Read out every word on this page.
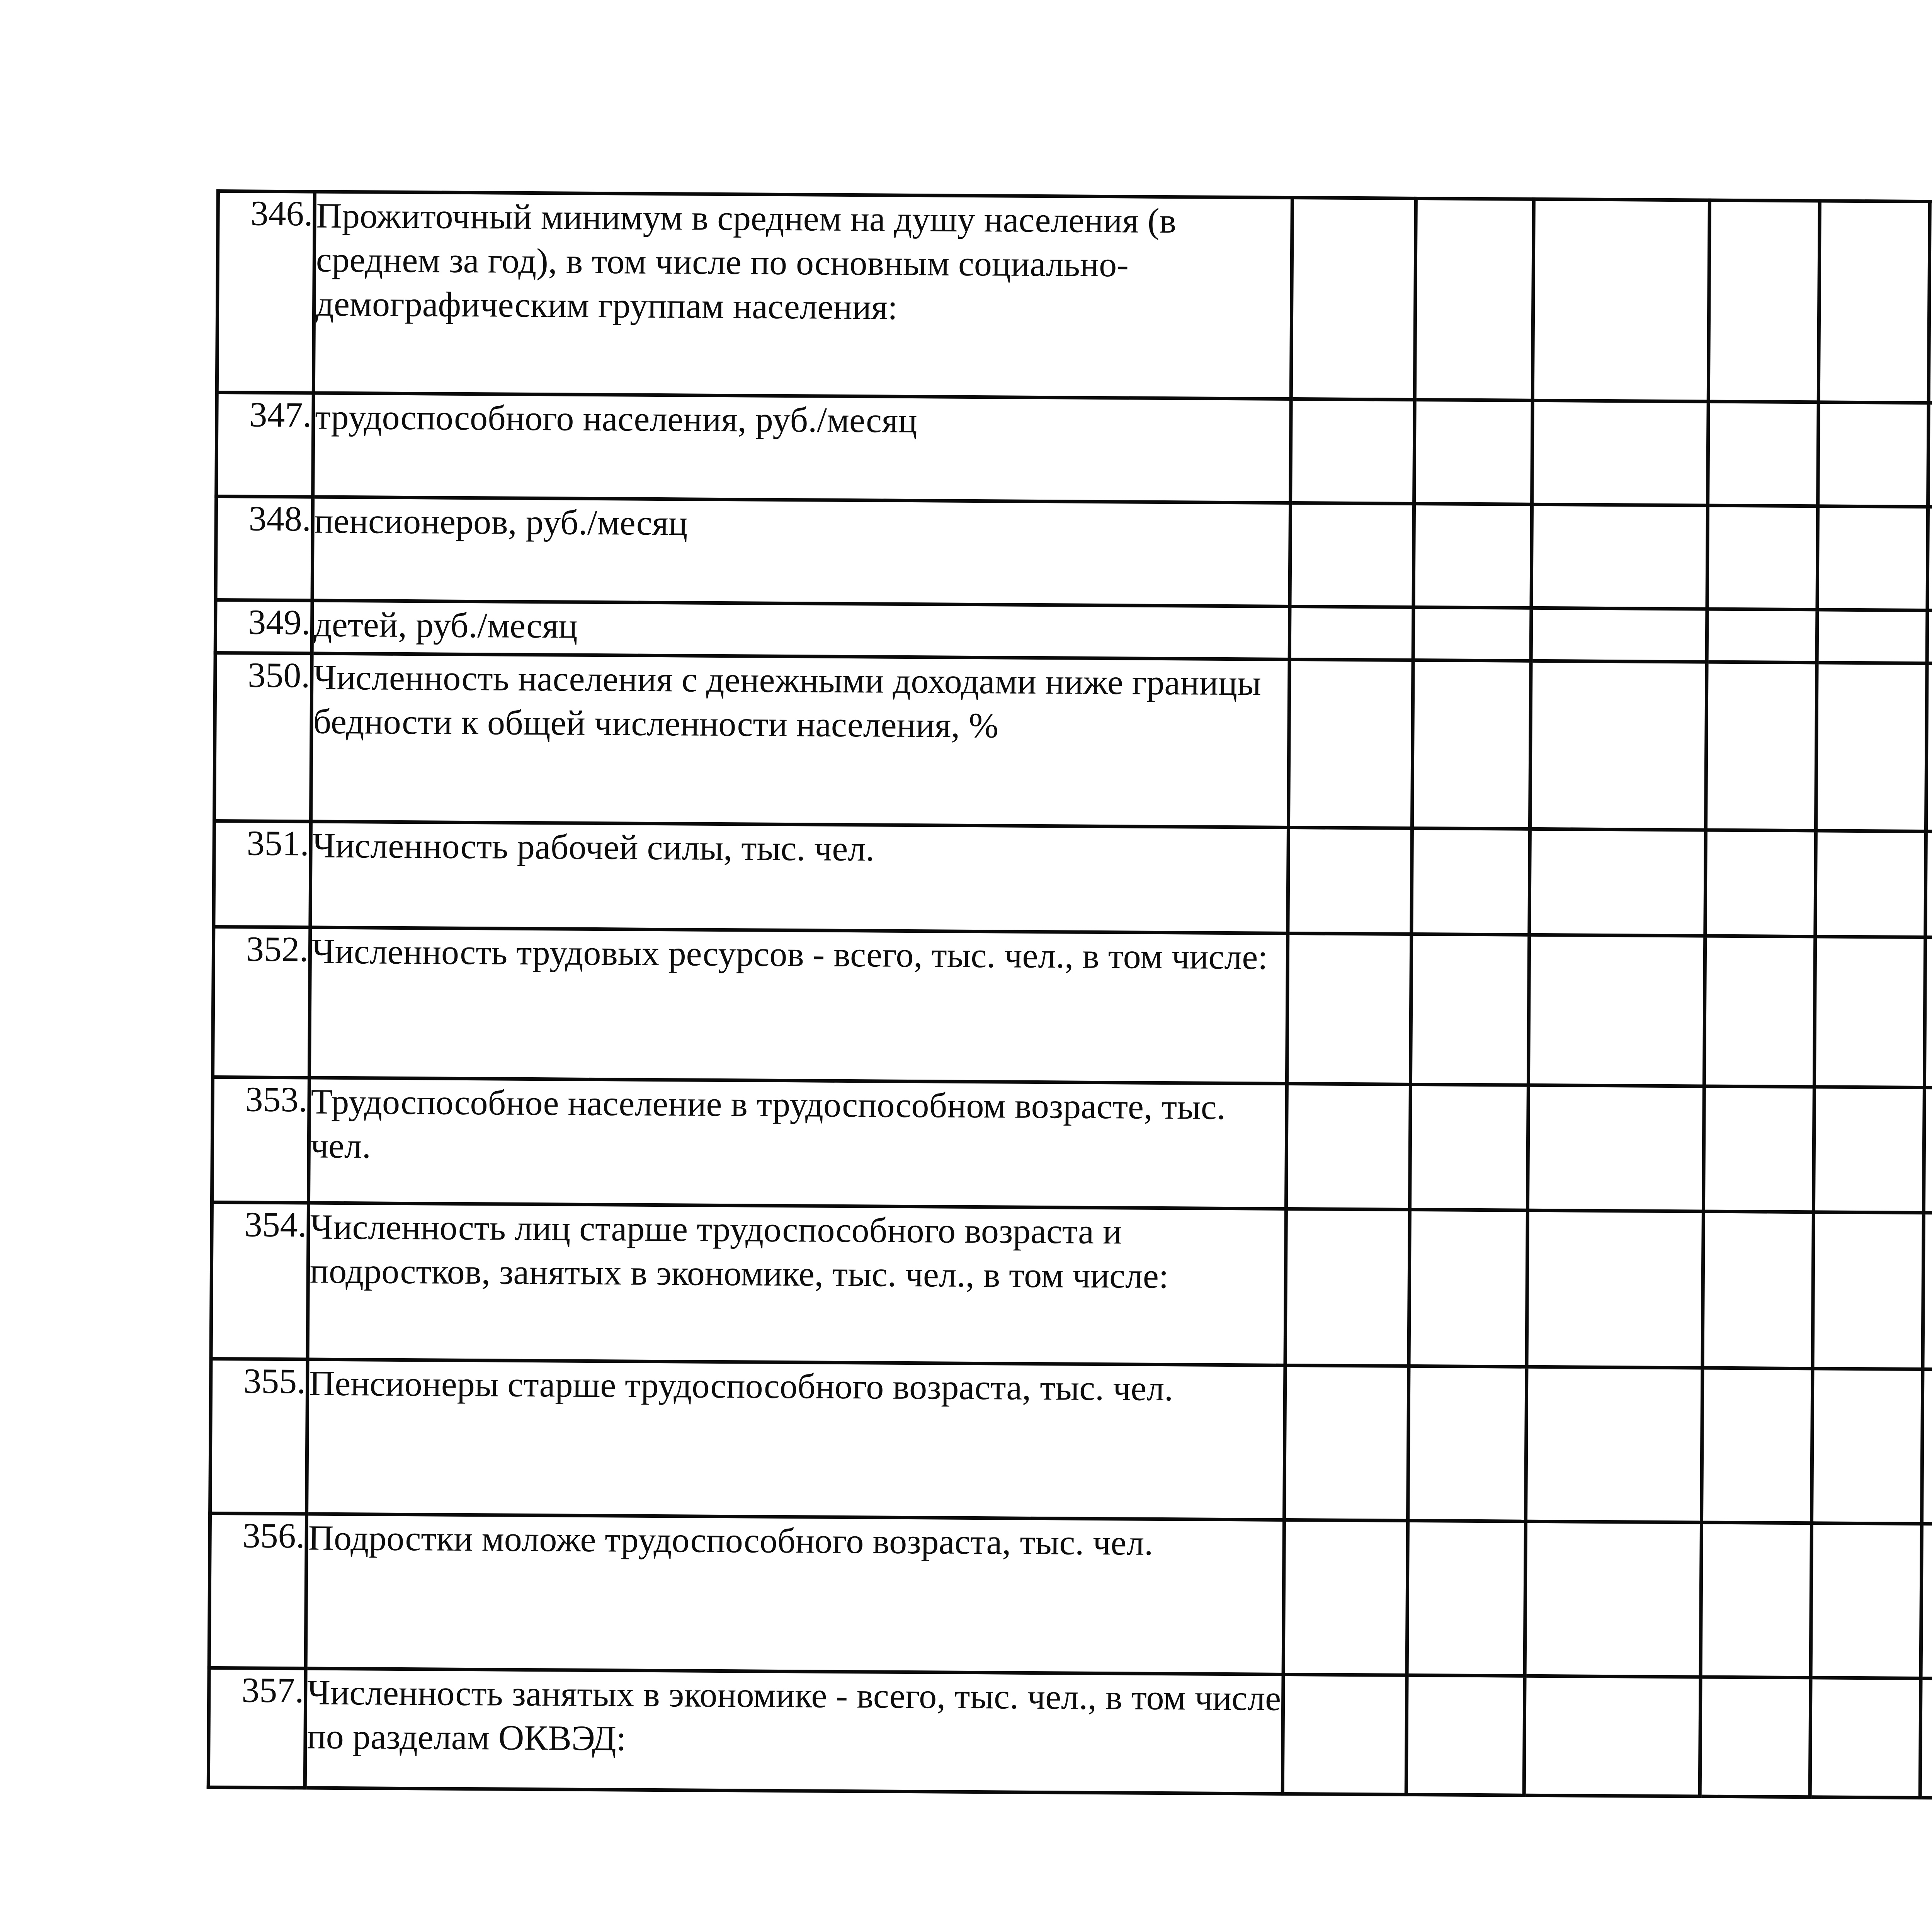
346.	Прожиточный минимум в среднем на душу населения (в среднем за год), в том числе по основным социально-демографическим группам населения:												
347.	трудоспособного населения, руб./месяц												
348.	пенсионеров, руб./месяц												
349.	детей, руб./месяц												
350.	Численность населения с денежными доходами ниже границы бедности к общей численности населения, %												
351.	Численность рабочей силы, тыс. чел.												
352.	Численность трудовых ресурсов - всего, тыс. чел., в том числе:												
353.	Трудоспособное население в трудоспособном возрасте, тыс. чел.												
354.	Численность лиц старше трудоспособного возраста и подростков, занятых в экономике, тыс. чел., в том числе:												
355.	Пенсионеры старше трудоспособного возраста, тыс. чел.												
356.	Подростки моложе трудоспособного возраста, тыс. чел.												
357.	Численность занятых в экономике - всего, тыс. чел., в том числе по разделам ОКВЭД:												
